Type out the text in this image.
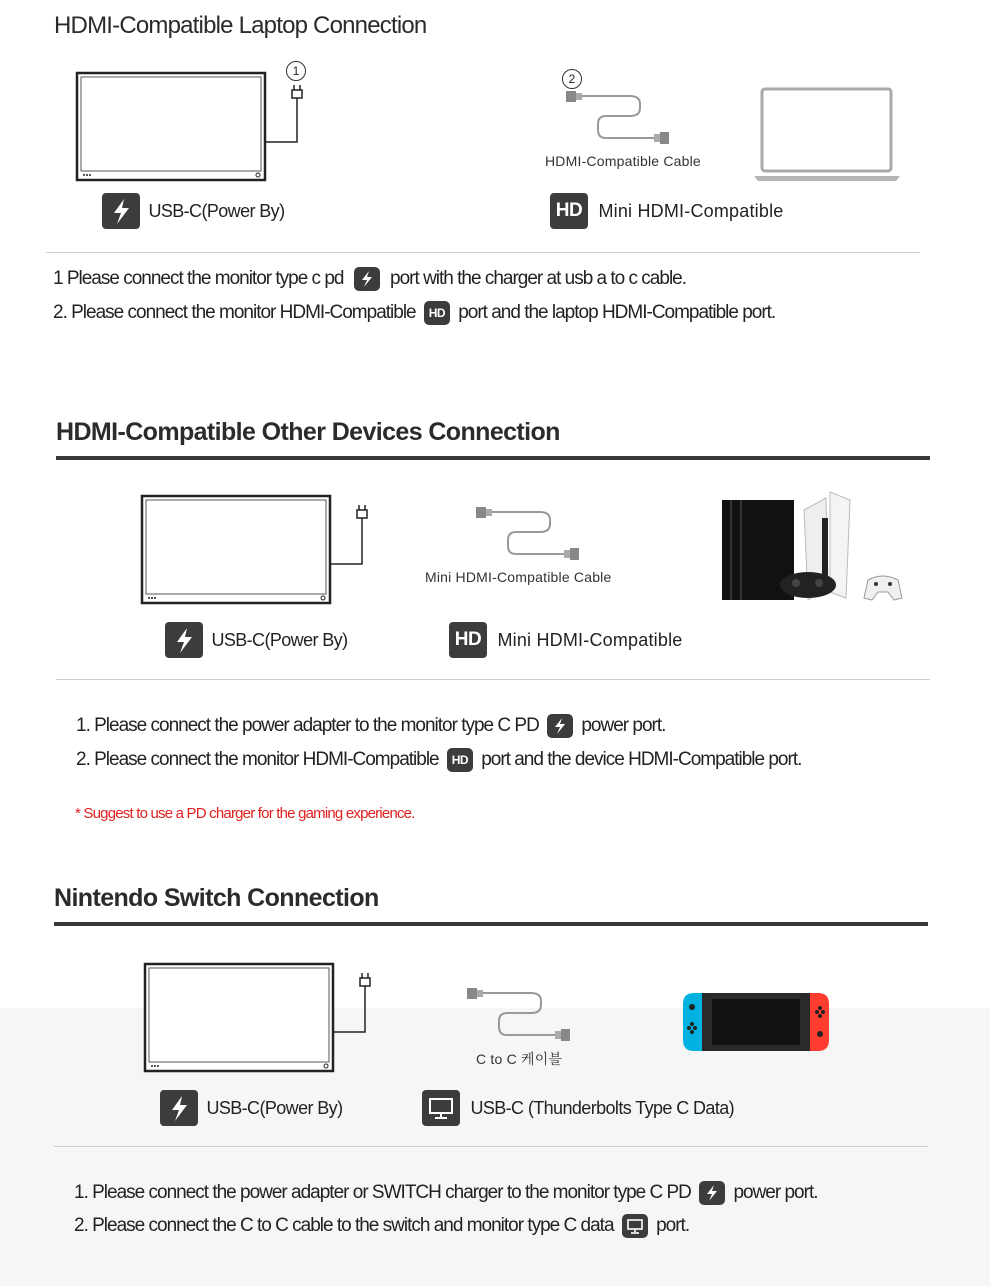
HDMI-Compatible Laptop Connection
1
2
HDMI-Compatible Cable
USB-C(Power By)	HD Mini HDMI-Compatible
1 Please connect the monitor type c pd port with the charger at usb a to c cable.
2. Please connect the monitor HDMI-Compatible	HD port and the laptop HDMI-Compatible port.
HDMI-Compatible Other Devices Connection
Mini HDMI-Compatible Cable
USB-C(Power By)	HD Mini HDMI-Compatible
1. Please connect the power adapter to the monitor type C PD power port.
2. Please connect the monitor HDMI-Compatible	HD port and the device HDMI-Compatible port.
* Suggest to use a PD charger for the gaming experience.
Nintendo Switch Connection
C to C 케이블
USB-C(Power By)	USB-C (Thunderbolts Type C Data)
1. Please connect the power adapter or SWITCH charger to the monitor type C PD power port.
2. Please connect the C to C cable to the switch and monitor type C data port.
